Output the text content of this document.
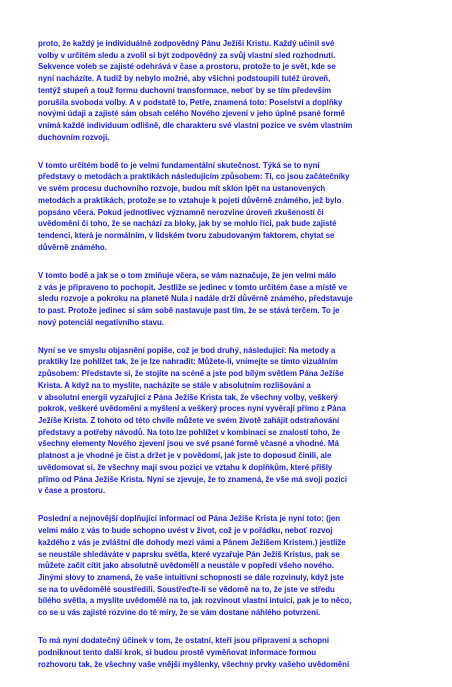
proto, že každý je individuálně zodpovědný Pánu Ježíši Kristu. Každý učinil své
volby v určitém sledu a zvolil si být zodpovědný za svůj vlastní sled rozhodnutí.
Sekvence voleb se zajisté odehrává v čase a prostoru, protože to je svět, kde se
nyní nacházíte. A tudíž by nebylo možné, aby všichni podstoupili tutéž úroveň,
tentýž stupeň a touž formu duchovní transformace, neboť by se tím především
porušila svoboda volby. A v podstatě to, Petře, znamená toto: Poselství a doplňky
novými údaji a zajisté sám obsah celého Nového zjevení v jeho úplné psané formě
vnímá každé individuum odlišně, dle charakteru své vlastní pozice ve svém vlastním
duchovním rozvoji.

V tomto určitém bodě to je velmi fundamentální skutečnost. Týká se to nyní
představy o metodách a praktikách následujícím způsobem: Ti, co jsou začátečníky
ve svém procesu duchovního rozvoje, budou mít sklon lpět na ustanovených
metodách a praktikách, protože se to vztahuje k pojetí důvěrně známého, jež bylo
popsáno včera. Pokud jednotlivec významně nerozvine úroveň zkušeností či
uvědomění či toho, že se nachází za bloky, jak by se mohlo říci, pak bude zajisté
tendenci, která je normálním, v lidském tvoru zabudovaným faktorem, chytat se
důvěrně známého.

V tomto bodě a jak se o tom zmiňuje včera, se vám naznačuje, že jen velmi málo
z vás je připraveno to pochopit. Jestliže se jedinec v tomto určitém čase a místě ve
sledu rozvoje a pokroku na planetě Nula i nadále drží důvěrně známého, představuje
to past. Protože jedinec si sám sobě nastavuje past tím, že se stává terčem. To je
nový potenciál negativního stavu.

Nyní se ve smyslu objasnění popiše, což je bod druhý, následující: Na metody a
praktiky lze pohlížet tak, že je lze nahradit: Můžete-li, vnímejte se tímto vizuálním
způsobem: Představte si, že stojíte na scéně a jste pod bílým světlem Pána Ježíše
Krista. A když na to myslíte, nacházíte se stále v absolutním rozlišování a
v absolutní energii vyzařující z Pána Ježíše Krista tak, že všechny volby, veškerý
pokrok, veškeré uvědomění a myšlení a veškerý proces nyní vyvěrají přímo z Pána
Ježíše Krista. Z tohoto od této chvíle můžete ve svém životě zahájit odstraňování
představy a potřeby návodů. Na toto lze pohlížet v kombinaci se znalostí toho, že
všechny elementy Nového zjevení jsou ve své psané formě včasné a vhodné. Má
platnost a je vhodné je číst a držet je v povědomí, jak jste to doposud činili, ale
uvědomovat si, že všechny mají svou pozici ve vztahu k doplňkům, které přišly
přímo od Pána Ježíše Krista. Nyní se zjevuje, že to znamená, že vše má svoji pozici
v čase a prostoru.

Poslední a nejnovější doplňující informací od Pána Ježíše Krista je nyní toto: (jen
velmi málo z vás to bude schopno uvést v život, což je v pořádku, neboť rozvoj
každého z vás je zvláštní dle dohody mezi vámi a Pánem Ježíšem Kristem.) jestliže
se neustále shledáváte v paprsku světla, které vyzařuje Pán Ježíš Kristus, pak se
můžete začít cítit jako absolutně uvědomělí a neustále v popředí všeho nového.
Jinými slovy to znamená, že vaše intuitivní schopnosti se dále rozvinuly, když jste
se na to uvědomělé soustředili. Soustřeďte-li se vědomě na to, že jste ve středu
bílého světla, a myslíte uvědomělé na to, jak rozvinout vlastní intuici, pak je to něco,
co se u vás zajisté rozvine do té míry, že se vám dostane náhlého potvrzení.

To má nyní dodatečný účinek v tom, že ostatní, kteří jsou připraveni a schopni
podniknout tento další krok, si budou prostě vyměňovat informace formou
rozhovoru tak, že všechny vaše vnější myšlenky, všechny prvky vašeho uvědomění
